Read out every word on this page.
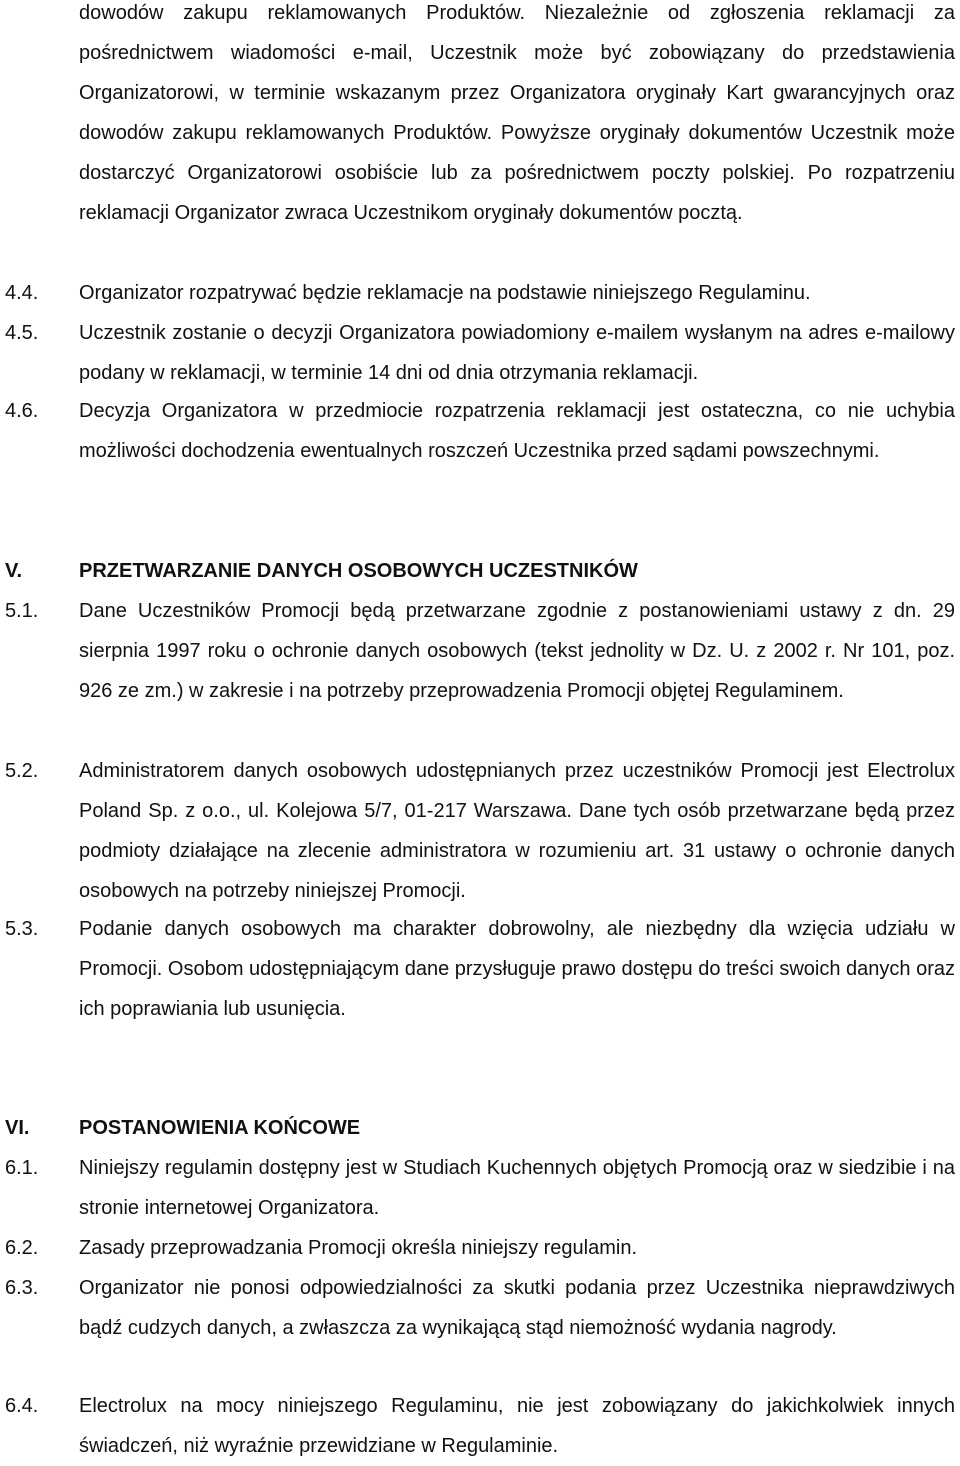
dowodów zakupu reklamowanych Produktów. Niezależnie od zgłoszenia reklamacji za pośrednictwem wiadomości e-mail, Uczestnik może być zobowiązany do przedstawienia Organizatorowi, w terminie wskazanym przez Organizatora oryginały Kart gwarancyjnych oraz dowodów zakupu reklamowanych Produktów. Powyższe oryginały dokumentów Uczestnik może dostarczyć Organizatorowi osobiście lub za pośrednictwem poczty polskiej. Po rozpatrzeniu reklamacji Organizator zwraca Uczestnikom oryginały dokumentów pocztą.
4.4. Organizator rozpatrywać będzie reklamacje na podstawie niniejszego Regulaminu.
4.5. Uczestnik zostanie o decyzji Organizatora powiadomiony e-mailem wysłanym na adres e-mailowy podany w reklamacji, w terminie 14 dni od dnia otrzymania reklamacji.
4.6. Decyzja Organizatora w przedmiocie rozpatrzenia reklamacji jest ostateczna, co nie uchybia możliwości dochodzenia ewentualnych roszczeń Uczestnika przed sądami powszechnymi.
V.	PRZETWARZANIE DANYCH OSOBOWYCH UCZESTNIKÓW
5.1. Dane Uczestników Promocji będą przetwarzane zgodnie z postanowieniami ustawy z dn. 29 sierpnia 1997 roku o ochronie danych osobowych (tekst jednolity w Dz. U. z 2002 r. Nr 101, poz. 926 ze zm.) w zakresie i na potrzeby przeprowadzenia Promocji objętej Regulaminem.
5.2. Administratorem danych osobowych udostępnianych przez uczestników Promocji jest Electrolux Poland Sp. z o.o., ul. Kolejowa 5/7, 01-217 Warszawa. Dane tych osób przetwarzane będą przez podmioty działające na zlecenie administratora w rozumieniu art. 31 ustawy o ochronie danych osobowych na potrzeby niniejszej Promocji.
5.3. Podanie danych osobowych ma charakter dobrowolny, ale niezbędny dla wzięcia udziału w Promocji. Osobom udostępniającym dane przysługuje prawo dostępu do treści swoich danych oraz ich poprawiania lub usunięcia.
VI. POSTANOWIENIA KOŃCOWE
6.1. Niniejszy regulamin dostępny jest w Studiach Kuchennych objętych Promocją oraz w siedzibie i na stronie internetowej Organizatora.
6.2. Zasady przeprowadzania Promocji określa niniejszy regulamin.
6.3. Organizator nie ponosi odpowiedzialności za skutki podania przez Uczestnika nieprawdziwych bądź cudzych danych, a zwłaszcza za wynikającą stąd niemożność wydania nagrody.
6.4. Electrolux na mocy niniejszego Regulaminu, nie jest zobowiązany do jakichkolwiek innych świadczeń, niż wyraźnie przewidziane w Regulaminie.
